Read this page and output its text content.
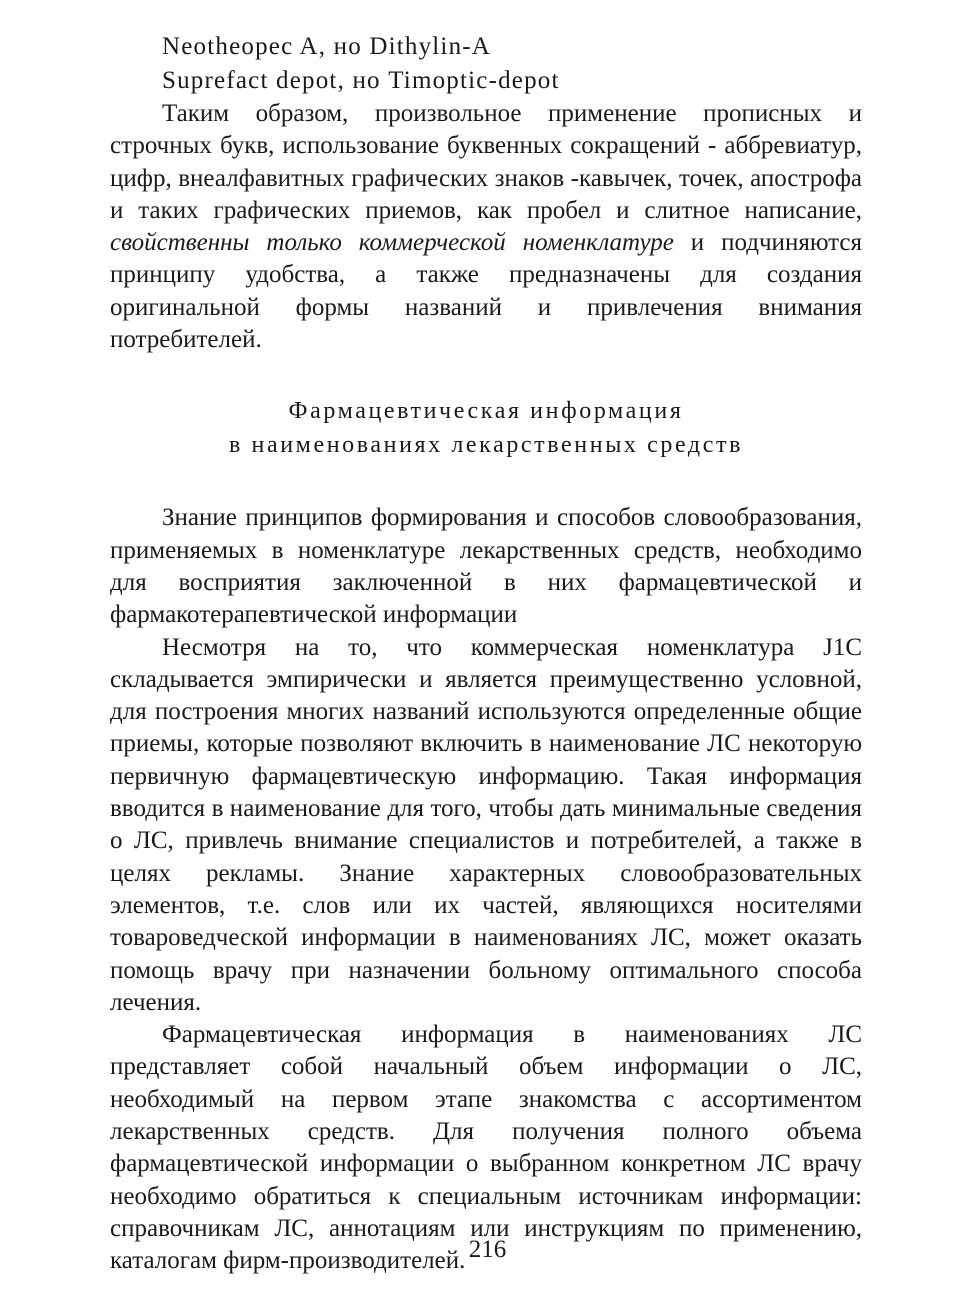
Neotheopec A, но Dithylin-A
Suprefact depot, но Timoptic-depot

Таким образом, произвольное применение прописных и строчных букв, использование буквенных сокращений - аббревиатур, цифр, внеалфавитных графических знаков -кавычек, точек, апострофа и таких графических приемов, как пробел и слитное написание, свойственны только коммерческой номенклатуре и подчиняются принципу удобства, а также предназначены для создания оригинальной формы названий и привлечения внимания потребителей.

Фармацевтическая информация
в наименованиях лекарственных средств

Знание принципов формирования и способов словообразования, применяемых в номенклатуре лекарственных средств, необходимо для восприятия заключенной в них фармацевтической и фармакотерапевтической информации

Несмотря на то, что коммерческая номенклатура J1C складывается эмпирически и является преимущественно условной, для построения многих названий используются определенные общие приемы, которые позволяют включить в наименование ЛС некоторую первичную фармацевтическую информацию. Такая информация вводится в наименование для того, чтобы дать минимальные сведения о ЛС, привлечь внимание специалистов и потребителей, а также в целях рекламы. Знание характерных словообразовательных элементов, т.е. слов или их частей, являющихся носителями товароведческой информации в наименованиях ЛС, может оказать помощь врачу при назначении больному оптимального способа лечения.

Фармацевтическая информация в наименованиях ЛС представляет собой начальный объем информации о ЛС, необходимый на первом этапе знакомства с ассортиментом лекарственных средств. Для получения полного объема фармацевтической информации о выбранном конкретном ЛС врачу необходимо обратиться к специальным источникам информации: справочникам ЛС, аннотациям или инструкциям по применению, каталогам фирм-производителей. 216
